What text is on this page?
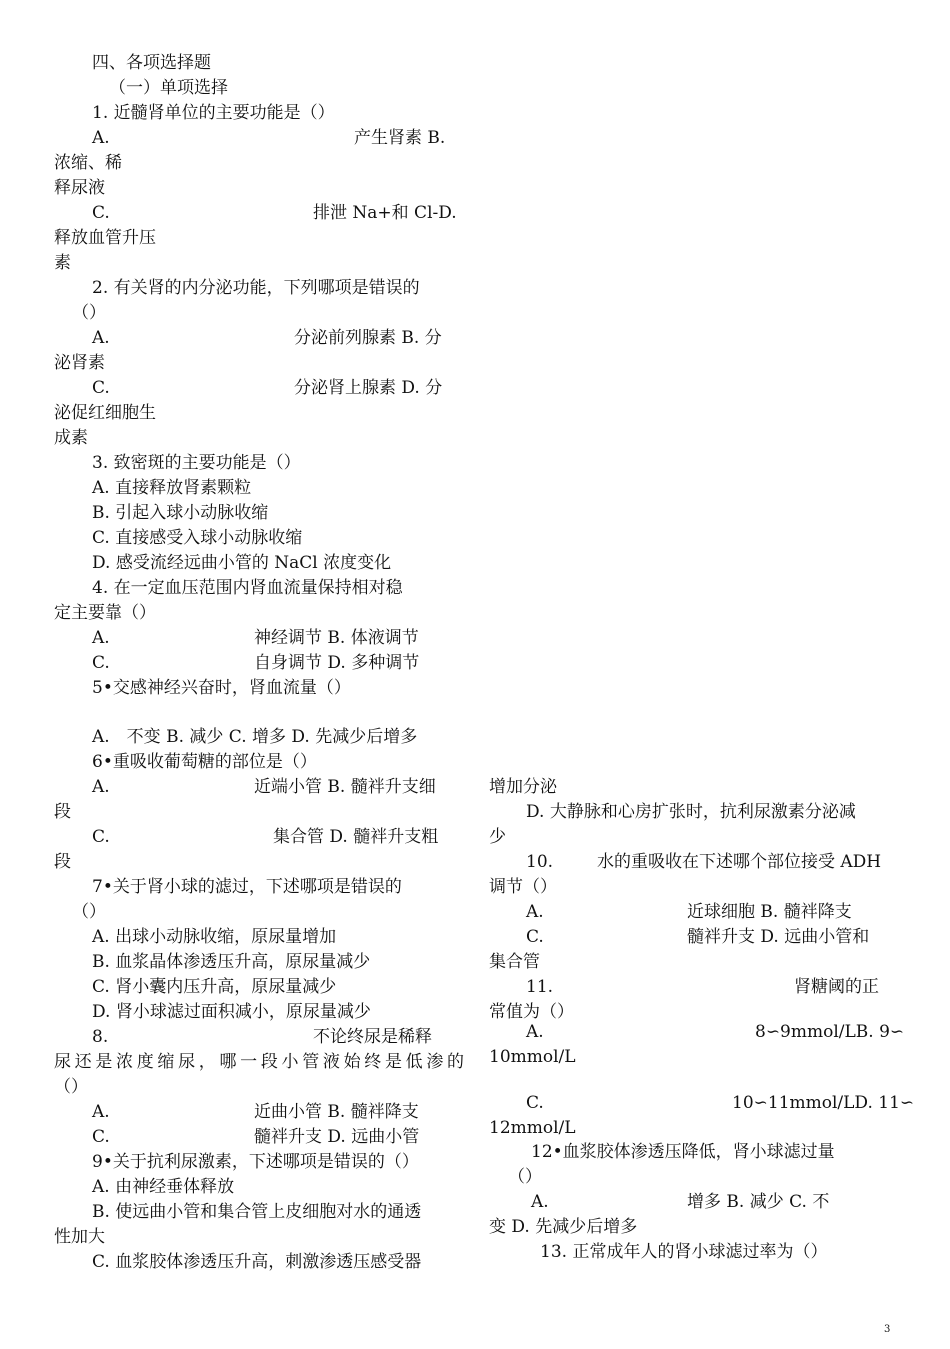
四、各项选择题

（一）单项选择

1. 近髓肾单位的主要功能是（）

A.	产生肾素 B.

浓缩、稀

释尿液

C.	排泄 Na+和 Cl-D.

释放血管升压

素

2. 有关肾的内分泌功能，下列哪项是错误的

（）

A.	分泌前列腺素 B. 分

泌肾素

C.	分泌肾上腺素 D. 分

泌促红细胞生

成素

3. 致密斑的主要功能是（）

A. 直接释放肾素颗粒

B. 引起入球小动脉收缩

C. 直接感受入球小动脉收缩

D. 感受流经远曲小管的 NaCl 浓度变化

4. 在一定血压范围内肾血流量保持相对稳

定主要靠（）

A.	神经调节 B. 体液调节

C.	自身调节 D. 多种调节

5•交感神经兴奋时，肾血流量（）

A.　不变 B. 减少 C. 增多 D. 先减少后增多

6•重吸收葡萄糖的部位是（）

A.	近端小管 B. 髓袢升支细

段

C.	集合管 D. 髓袢升支粗

段

7•关于肾小球的滤过，下述哪项是错误的

（）

A. 出球小动脉收缩，原尿量增加

B. 血浆晶体渗透压升高，原尿量减少

C. 肾小囊内压升高，原尿量减少

D. 肾小球滤过面积减小，原尿量减少

8.	不论终尿是稀释

尿还是浓度缩尿，哪一段小管液始终是低渗的

（）

A.	近曲小管 B. 髓袢降支

C.	髓袢升支 D. 远曲小管

9•关于抗利尿激素，下述哪项是错误的（）

A. 由神经垂体释放

B. 使远曲小管和集合管上皮细胞对水的通透

性加大

C. 血浆胶体渗透压升高，刺激渗透压感受器

增加分泌

D. 大静脉和心房扩张时，抗利尿激素分泌减

少

10.	水的重吸收在下述哪个部位接受 ADH

调节（）

A.	近球细胞 B. 髓袢降支

C.	髓袢升支 D. 远曲小管和

集合管

11.	肾糖阈的正

常值为（）

A.	8∽9mmol/LB. 9∽

10mmol/L

C.	10∽11mmol/LD. 11∽

12mmol/L

12•血浆胶体渗透压降低，肾小球滤过量

（）

A.	增多 B. 减少 C. 不

变 D. 先减少后增多

13. 正常成年人的肾小球滤过率为（）

3
